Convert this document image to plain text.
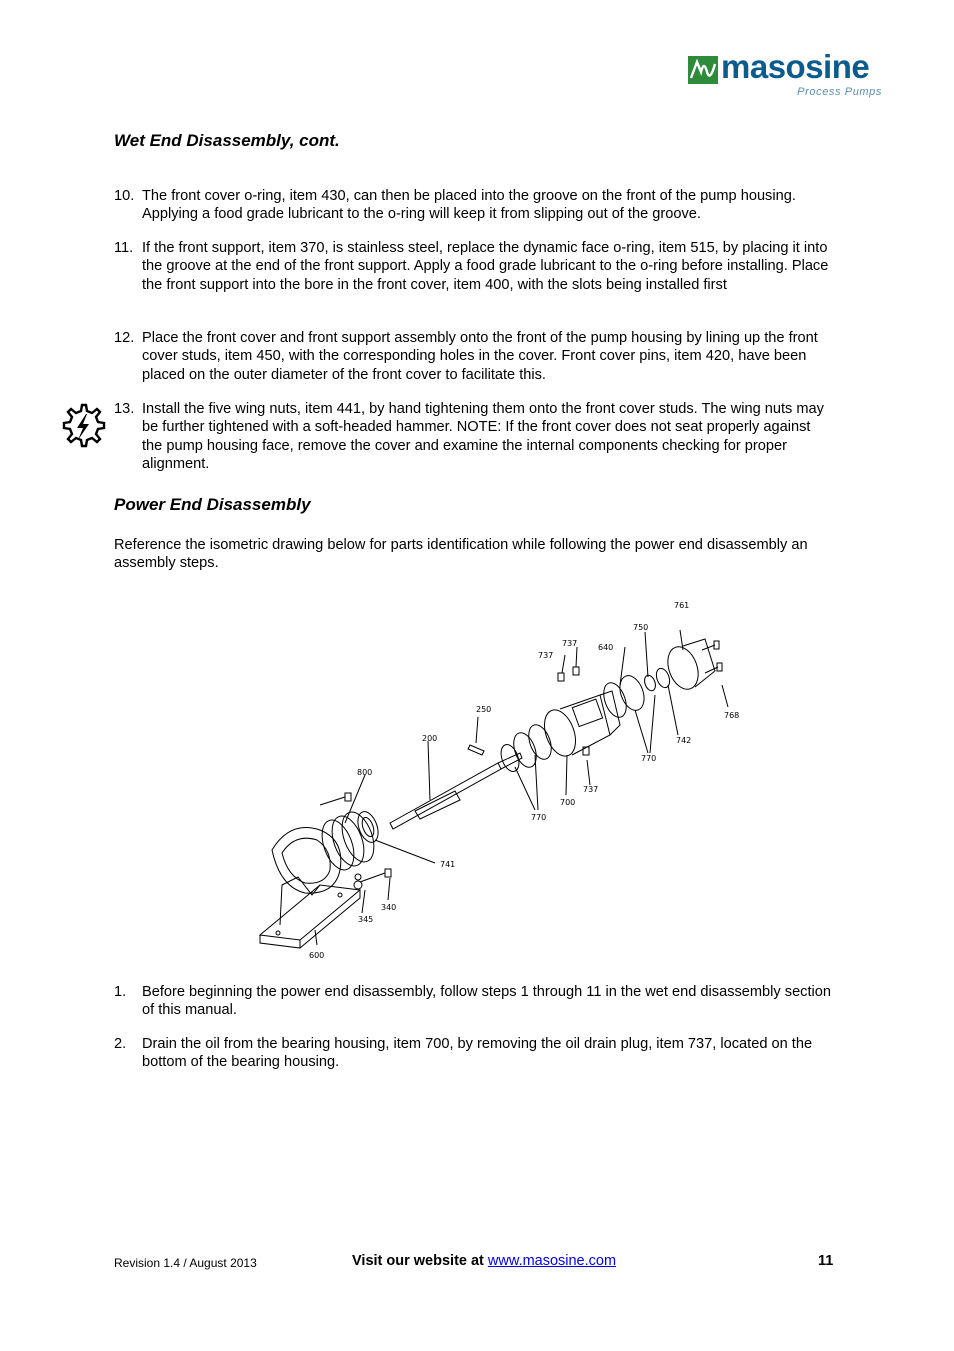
masosine
Process Pumps
Wet End Disassembly, cont.
10. The front cover o-ring, item 430, can then be placed into the groove on the front of the pump housing. Applying a food grade lubricant to the o-ring will keep it from slipping out of the groove.
11. If the front support, item 370, is stainless steel, replace the dynamic face o-ring, item 515, by placing it into the groove at the end of the front support. Apply a food grade lubricant to the o-ring before installing. Place the front support into the bore in the front cover, item 400, with the slots being installed first
12. Place the front cover and front support assembly onto the front of the pump housing by lining up the front cover studs, item 450, with the corresponding holes in the cover. Front cover pins, item 420, have been placed on the outer diameter of the front cover to facilitate this.
13. Install the five wing nuts, item 441, by hand tightening them onto the front cover studs. The wing nuts may be further tightened with a soft-headed hammer. NOTE: If the front cover does not seat properly against the pump housing face, remove the cover and examine the internal components checking for proper alignment.
Power End Disassembly
Reference the isometric drawing below for parts identification while following the power end disassembly an assembly steps.
761
750
737
737
640
768
250
742
200
770
737
800
700
770
741
340
345
600
1. Before beginning the power end disassembly, follow steps 1 through 11 in the wet end disassembly section of this manual.
2. Drain the oil from the bearing housing, item 700, by removing the oil drain plug, item 737, located on the bottom of the bearing housing.
Revision 1.4 / August 2013	Visit our website at www.masosine.com	11
